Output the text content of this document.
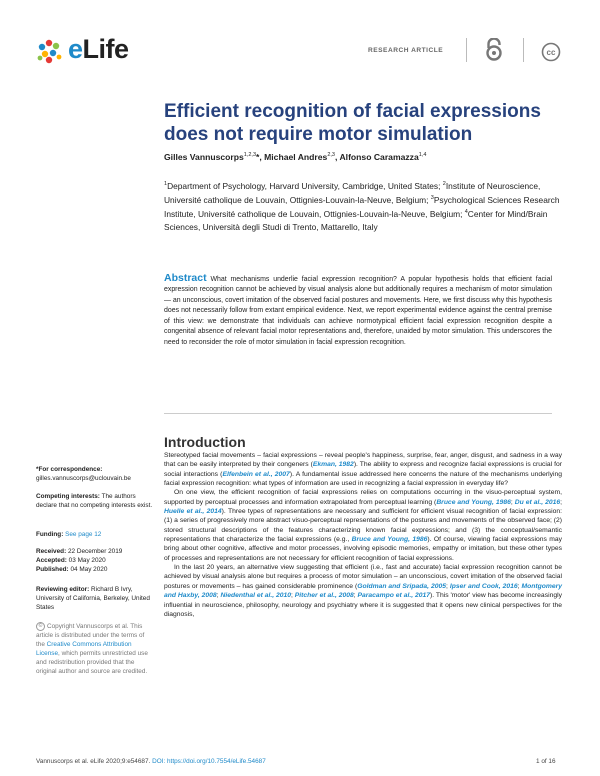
eLife	RESEARCH ARTICLE	cc
Efficient recognition of facial expressions does not require motor simulation
Gilles Vannuscorps$^{1,2,3}$*, Michael Andres$^{2,3}$, Alfonso Caramazza$^{1,4}$
$^1$Department of Psychology, Harvard University, Cambridge, United States; $^2$Institute of Neuroscience, Université catholique de Louvain, Ottignies-Louvain-la-Neuve, Belgium; $^3$Psychological Sciences Research Institute, Université catholique de Louvain, Ottignies-Louvain-la-Neuve, Belgium; $^4$Center for Mind/Brain Sciences, Università degli Studi di Trento, Mattarello, Italy
Abstract What mechanisms underlie facial expression recognition? A popular hypothesis holds that efficient facial expression recognition cannot be achieved by visual analysis alone but additionally requires a mechanism of motor simulation — an unconscious, covert imitation of the observed facial postures and movements. Here, we first discuss why this hypothesis does not necessarily follow from extant empirical evidence. Next, we report experimental evidence against the central premise of this view: we demonstrate that individuals can achieve normotypical efficient facial expression recognition despite a congenital absence of relevant facial motor representations and, therefore, unaided by motor simulation. This underscores the need to reconsider the role of motor simulation in facial expression recognition.
Introduction

Stereotyped facial movements – facial expressions – reveal people's happiness, surprise, fear, anger, disgust, and sadness in a way that can be easily interpreted by their congeners (Ekman, 1982). The ability to express and recognize facial expressions is crucial for social interactions (Elfenbein et al., 2007). A fundamental issue addressed here concerns the nature of the mechanisms underlying facial expression recognition: what types of information are used in recognizing a facial expression in everyday life?

On one view, the efficient recognition of facial expressions relies on computations occurring in the visuo-perceptual system, supported by perceptual processes and information extrapolated from perceptual learning (Bruce and Young, 1986; Du et al., 2016; Huelle et al., 2014). Three types of representations are necessary and sufficient for efficient visual recognition of facial expression: (1) a series of progressively more abstract visuo-perceptual representations of the postures and movements of the observed face; (2) stored structural descriptions of the features characterizing known facial expressions; and (3) the conceptual/semantic representations that characterize the facial expressions (e.g., Bruce and Young, 1986). Of course, viewing facial expressions may bring about other cognitive, affective and motor processes, involving episodic memories, empathy or imitation, but these other types of processes and representations are not necessary for efficient recognition of facial expressions.

In the last 20 years, an alternative view suggesting that efficient (i.e., fast and accurate) facial expression recognition cannot be achieved by visual analysis alone but requires a process of motor simulation – an unconscious, covert imitation of the observed facial postures or movements – has gained considerable prominence (Goldman and Sripada, 2005; Ipser and Cook, 2016; Montgomery and Haxby, 2008; Niedenthal et al., 2010; Pitcher et al., 2008; Paracampo et al., 2017). This 'motor' view has become increasingly influential in neuroscience, philosophy, neurology and psychiatry where it is suggested that it opens new clinical perspectives for the diagnosis,

*For correspondence:
gilles.vannuscorps@uclouvain.be
Competing interests: The authors declare that no competing interests exist.
Funding: See page 12
Received: 22 December 2019
Accepted: 03 May 2020
Published: 04 May 2020
Reviewing editor: Richard B Ivry, University of California, Berkeley, United States
© Copyright Vannuscorps et al. This article is distributed under the terms of the Creative Commons Attribution License, which permits unrestricted use and redistribution provided that the original author and source are credited.
Vannuscorps et al. eLife 2020;9:e54687. DOI: https://doi.org/10.7554/eLife.54687	1 of 16
